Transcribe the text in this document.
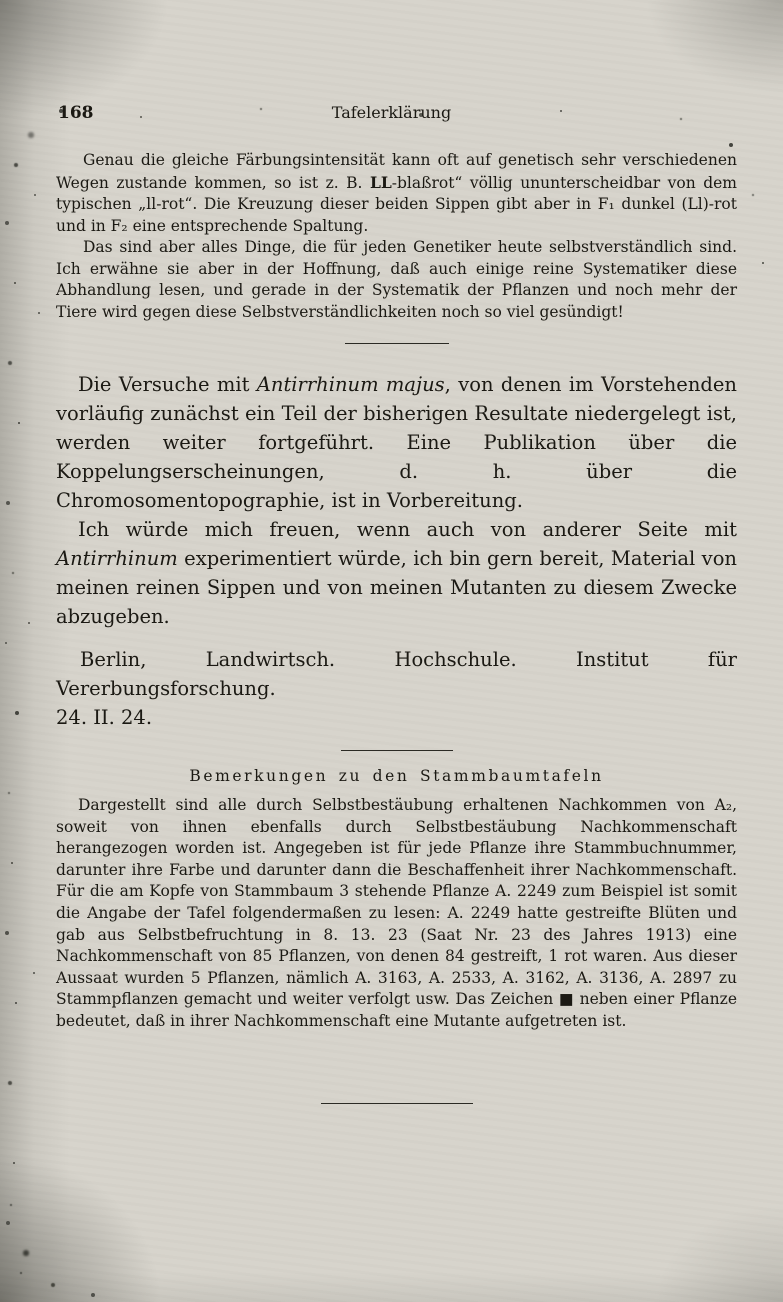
Tafelerklärung
168

Genau die gleiche Färbungsintensität kann oft auf genetisch sehr verschiedenen Wegen zustande kommen, so ist z. B. LL-blaßrot“ völlig ununterscheidbar von dem typischen „ll-rot“. Die Kreuzung dieser beiden Sippen gibt aber in F₁ dunkel (Ll)-rot und in F₂ eine entsprechende Spaltung.

Das sind aber alles Dinge, die für jeden Genetiker heute selbstverständlich sind. Ich erwähne sie aber in der Hoffnung, daß auch einige reine Systematiker diese Abhandlung lesen, und gerade in der Systematik der Pflanzen und noch mehr der Tiere wird gegen diese Selbstverständlichkeiten noch so viel gesündigt!

Die Versuche mit Antirrhinum majus, von denen im Vorstehenden vorläufig zunächst ein Teil der bisherigen Resultate niedergelegt ist, werden weiter fortgeführt. Eine Publikation über die Koppelungserscheinungen, d. h. über die Chromosomentopographie, ist in Vorbereitung.

Ich würde mich freuen, wenn auch von anderer Seite mit Antirrhinum experimentiert würde, ich bin gern bereit, Material von meinen reinen Sippen und von meinen Mutanten zu diesem Zwecke abzugeben.

Berlin, Landwirtsch. Hochschule. Institut für Vererbungsforschung.

24. II. 24.

Bemerkungen zu den Stammbaumtafeln

Dargestellt sind alle durch Selbstbestäubung erhaltenen Nachkommen von A₂, soweit von ihnen ebenfalls durch Selbstbestäubung Nachkommenschaft herangezogen worden ist. Angegeben ist für jede Pflanze ihre Stammbuchnummer, darunter ihre Farbe und darunter dann die Beschaffenheit ihrer Nachkommenschaft. Für die am Kopfe von Stammbaum 3 stehende Pflanze A. 2249 zum Beispiel ist somit die Angabe der Tafel folgendermaßen zu lesen: A. 2249 hatte gestreifte Blüten und gab aus Selbstbefruchtung in 8. 13. 23 (Saat Nr. 23 des Jahres 1913) eine Nachkommenschaft von 85 Pflanzen, von denen 84 gestreift, 1 rot waren. Aus dieser Aussaat wurden 5 Pflanzen, nämlich A. 3163, A. 2533, A. 3162, A. 3136, A. 2897 zu Stammpflanzen gemacht und weiter verfolgt usw. Das Zeichen ■ neben einer Pflanze bedeutet, daß in ihrer Nachkommenschaft eine Mutante aufgetreten ist.
